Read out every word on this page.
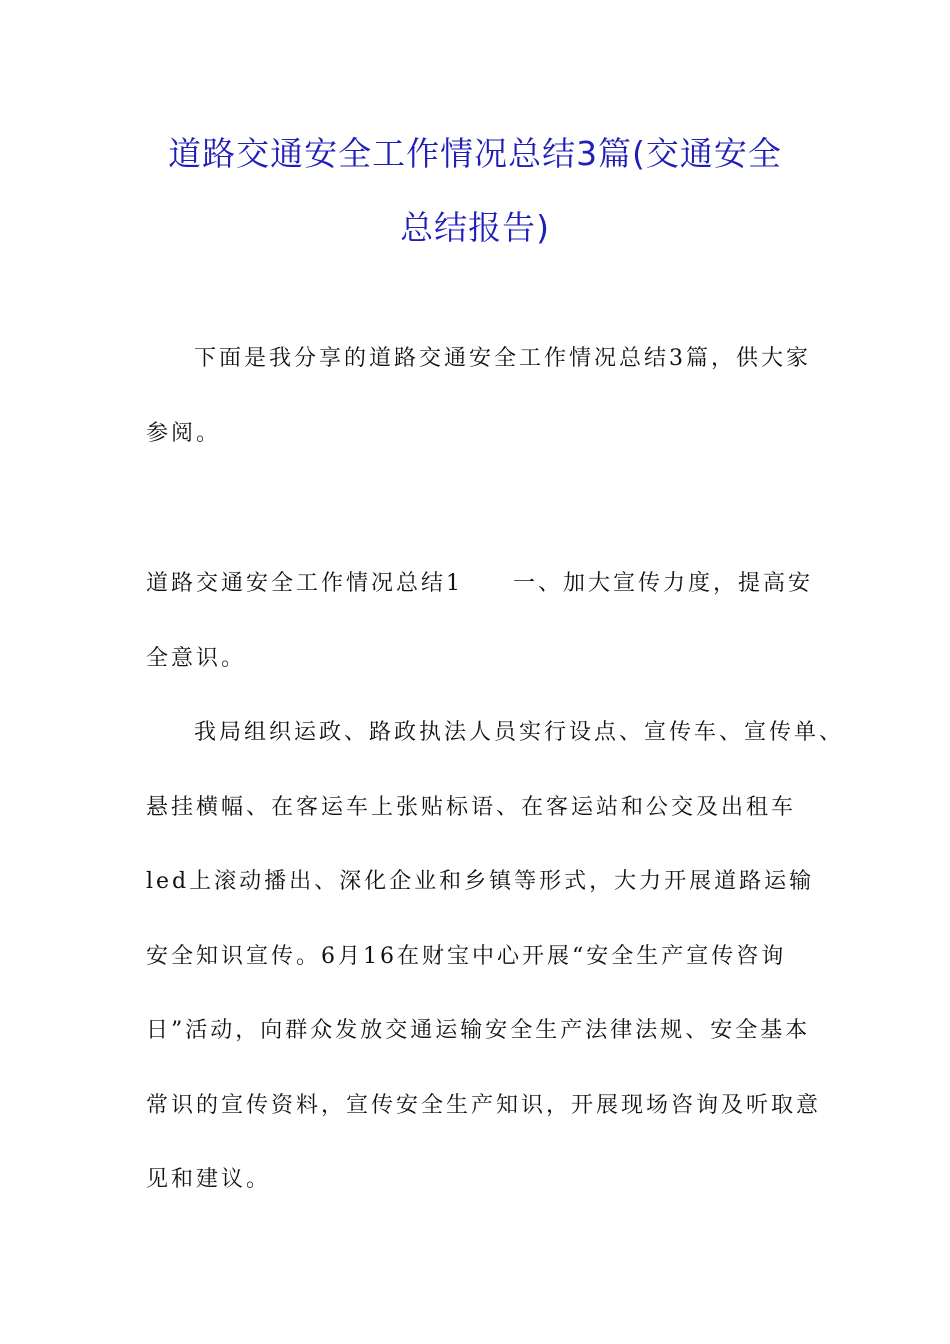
道路交通安全工作情况总结3篇(交通安全
总结报告)

下面是我分享的道路交通安全工作情况总结3篇，供大家

参阅。

道路交通安全工作情况总结1　　一、加大宣传力度，提高安

全意识。

我局组织运政、路政执法人员实行设点、宣传车、宣传单、

悬挂横幅、在客运车上张贴标语、在客运站和公交及出租车

led上滚动播出、深化企业和乡镇等形式，大力开展道路运输

安全知识宣传。6月16在财宝中心开展“安全生产宣传咨询

日”活动，向群众发放交通运输安全生产法律法规、安全基本

常识的宣传资料，宣传安全生产知识，开展现场咨询及听取意

见和建议。
